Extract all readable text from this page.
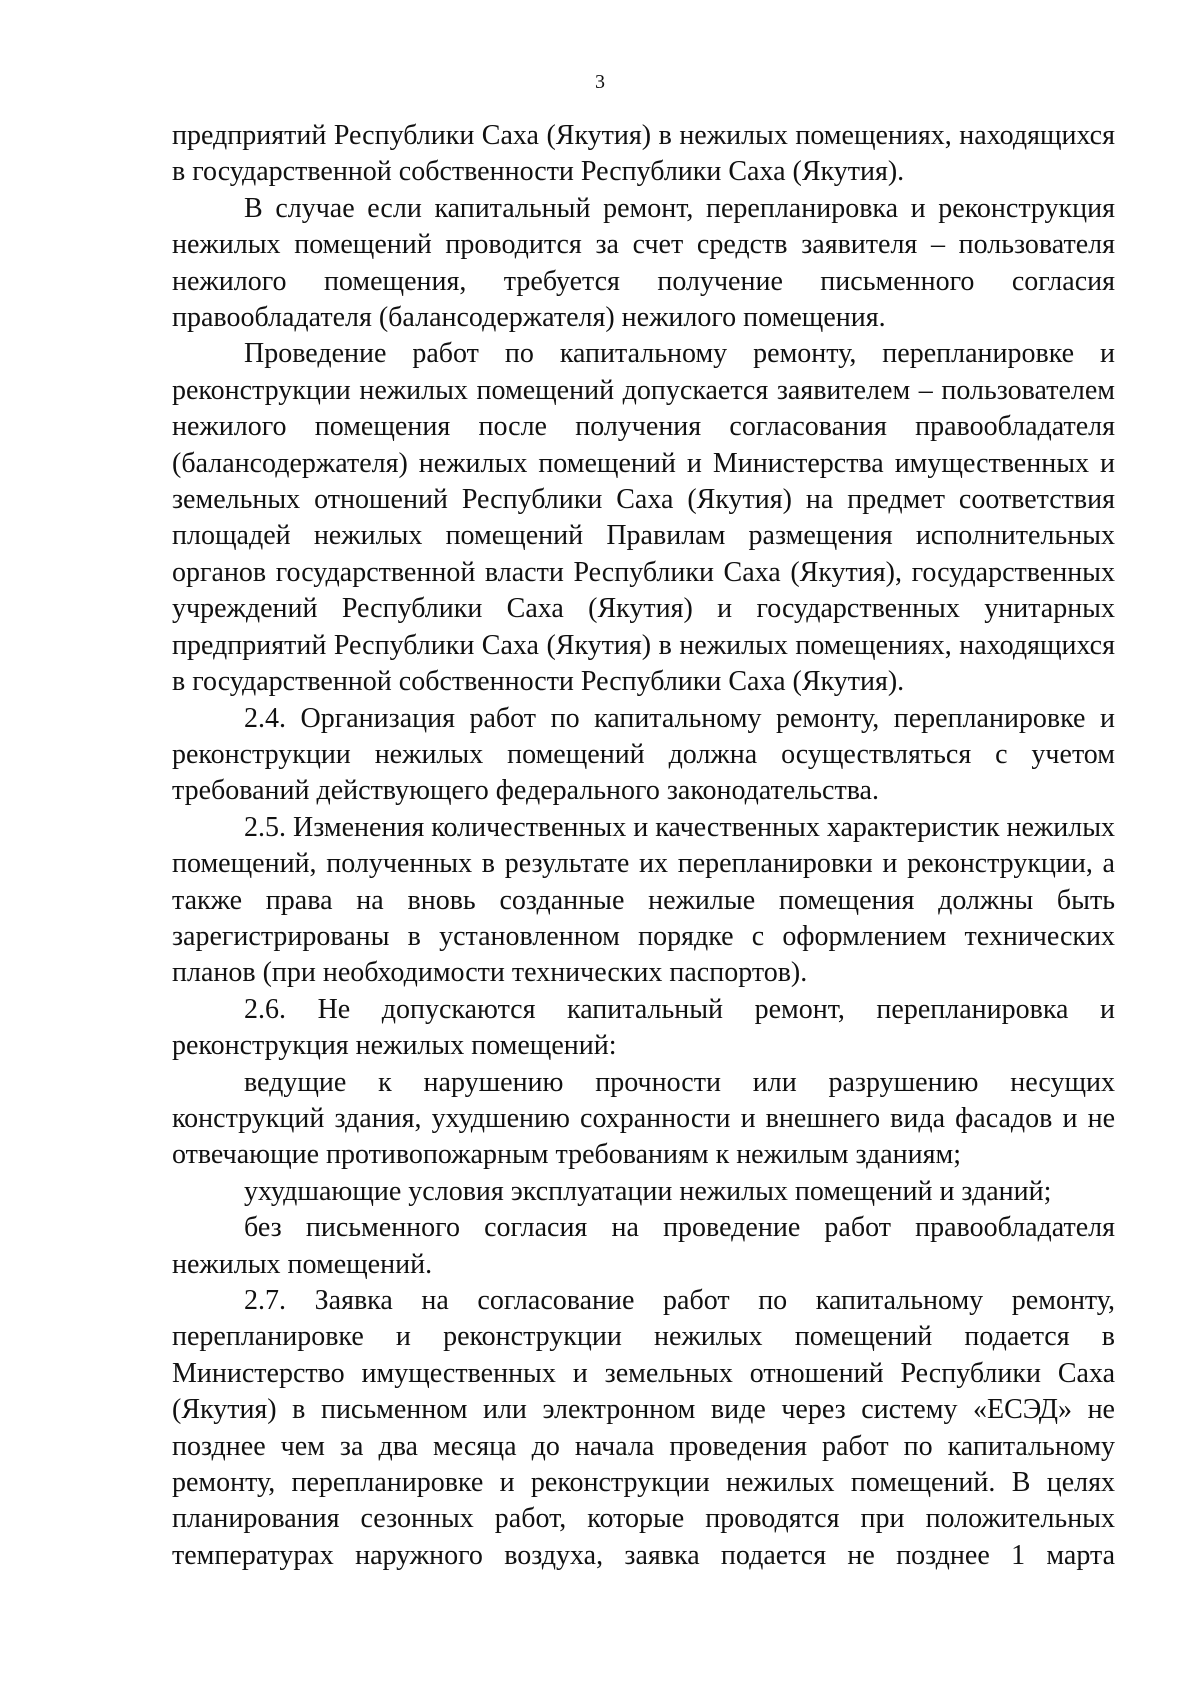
3

предприятий Республики Саха (Якутия) в нежилых помещениях, находящихся в государственной собственности Республики Саха (Якутия).

В случае если капитальный ремонт, перепланировка и реконструкция нежилых помещений проводится за счет средств заявителя – пользователя нежилого помещения, требуется получение письменного согласия правообладателя (балансодержателя) нежилого помещения.

Проведение работ по капитальному ремонту, перепланировке и реконструкции нежилых помещений допускается заявителем – пользователем нежилого помещения после получения согласования правообладателя (балансодержателя) нежилых помещений и Министерства имущественных и земельных отношений Республики Саха (Якутия) на предмет соответствия площадей нежилых помещений Правилам размещения исполнительных органов государственной власти Республики Саха (Якутия), государственных учреждений Республики Саха (Якутия) и государственных унитарных предприятий Республики Саха (Якутия) в нежилых помещениях, находящихся в государственной собственности Республики Саха (Якутия).

2.4. Организация работ по капитальному ремонту, перепланировке и реконструкции нежилых помещений должна осуществляться с учетом требований действующего федерального законодательства.

2.5. Изменения количественных и качественных характеристик нежилых помещений, полученных в результате их перепланировки и реконструкции, а также права на вновь созданные нежилые помещения должны быть зарегистрированы в установленном порядке с оформлением технических планов (при необходимости технических паспортов).

2.6. Не допускаются капитальный ремонт, перепланировка и реконструкция нежилых помещений:

ведущие к нарушению прочности или разрушению несущих конструкций здания, ухудшению сохранности и внешнего вида фасадов и не отвечающие противопожарным требованиям к нежилым зданиям;

ухудшающие условия эксплуатации нежилых помещений и зданий;

без письменного согласия на проведение работ правообладателя нежилых помещений.

2.7. Заявка на согласование работ по капитальному ремонту, перепланировке и реконструкции нежилых помещений подается в Министерство имущественных и земельных отношений Республики Саха (Якутия) в письменном или электронном виде через систему «ЕСЭД» не позднее чем за два месяца до начала проведения работ по капитальному ремонту, перепланировке и реконструкции нежилых помещений. В целях планирования сезонных работ, которые проводятся при положительных температурах наружного воздуха, заявка подается не позднее 1 марта
